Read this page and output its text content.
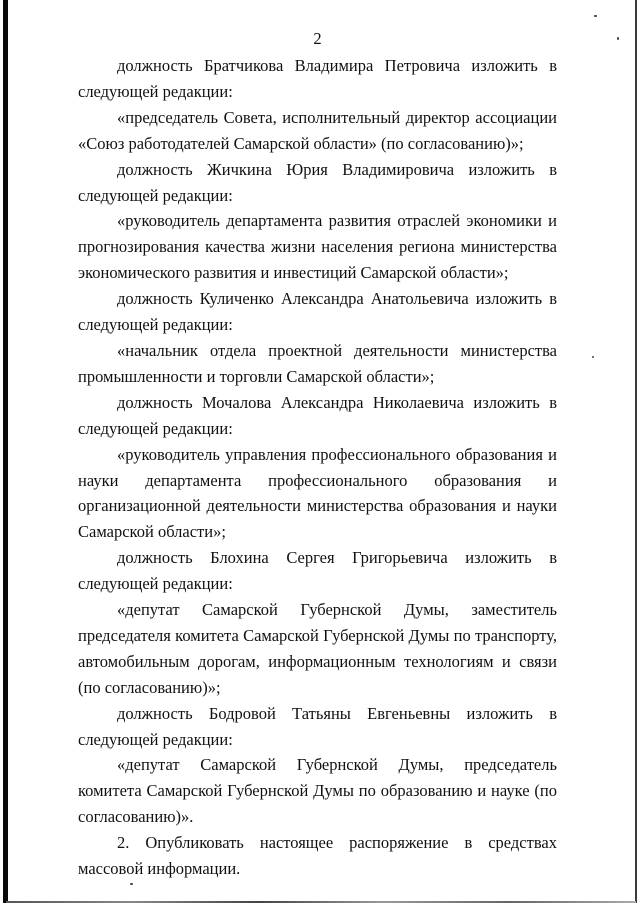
2

должность Братчикова Владимира Петровича изложить в следующей редакции:

«председатель Совета, исполнительный директор ассоциации «Союз работодателей Самарской области» (по согласованию)»;

должность Жичкина Юрия Владимировича изложить в следующей редакции:

«руководитель департамента развития отраслей экономики и прогнозирования качества жизни населения региона министерства экономического развития и инвестиций Самарской области»;

должность Куличенко Александра Анатольевича изложить в следующей редакции:

«начальник отдела проектной деятельности министерства промышленности и торговли Самарской области»;

должность Мочалова Александра Николаевича изложить в следующей редакции:

«руководитель управления профессионального образования и науки департамента профессионального образования и организационной деятельности министерства образования и науки Самарской области»;

должность Блохина Сергея Григорьевича изложить в следующей редакции:

«депутат Самарской Губернской Думы, заместитель председателя комитета Самарской Губернской Думы по транспорту, автомобильным дорогам, информационным технологиям и связи (по согласованию)»;

должность Бодровой Татьяны Евгеньевны изложить в следующей редакции:

«депутат Самарской Губернской Думы, председатель комитета Самарской Губернской Думы по образованию и науке (по согласованию)».

2. Опубликовать настоящее распоряжение в средствах массовой информации.
